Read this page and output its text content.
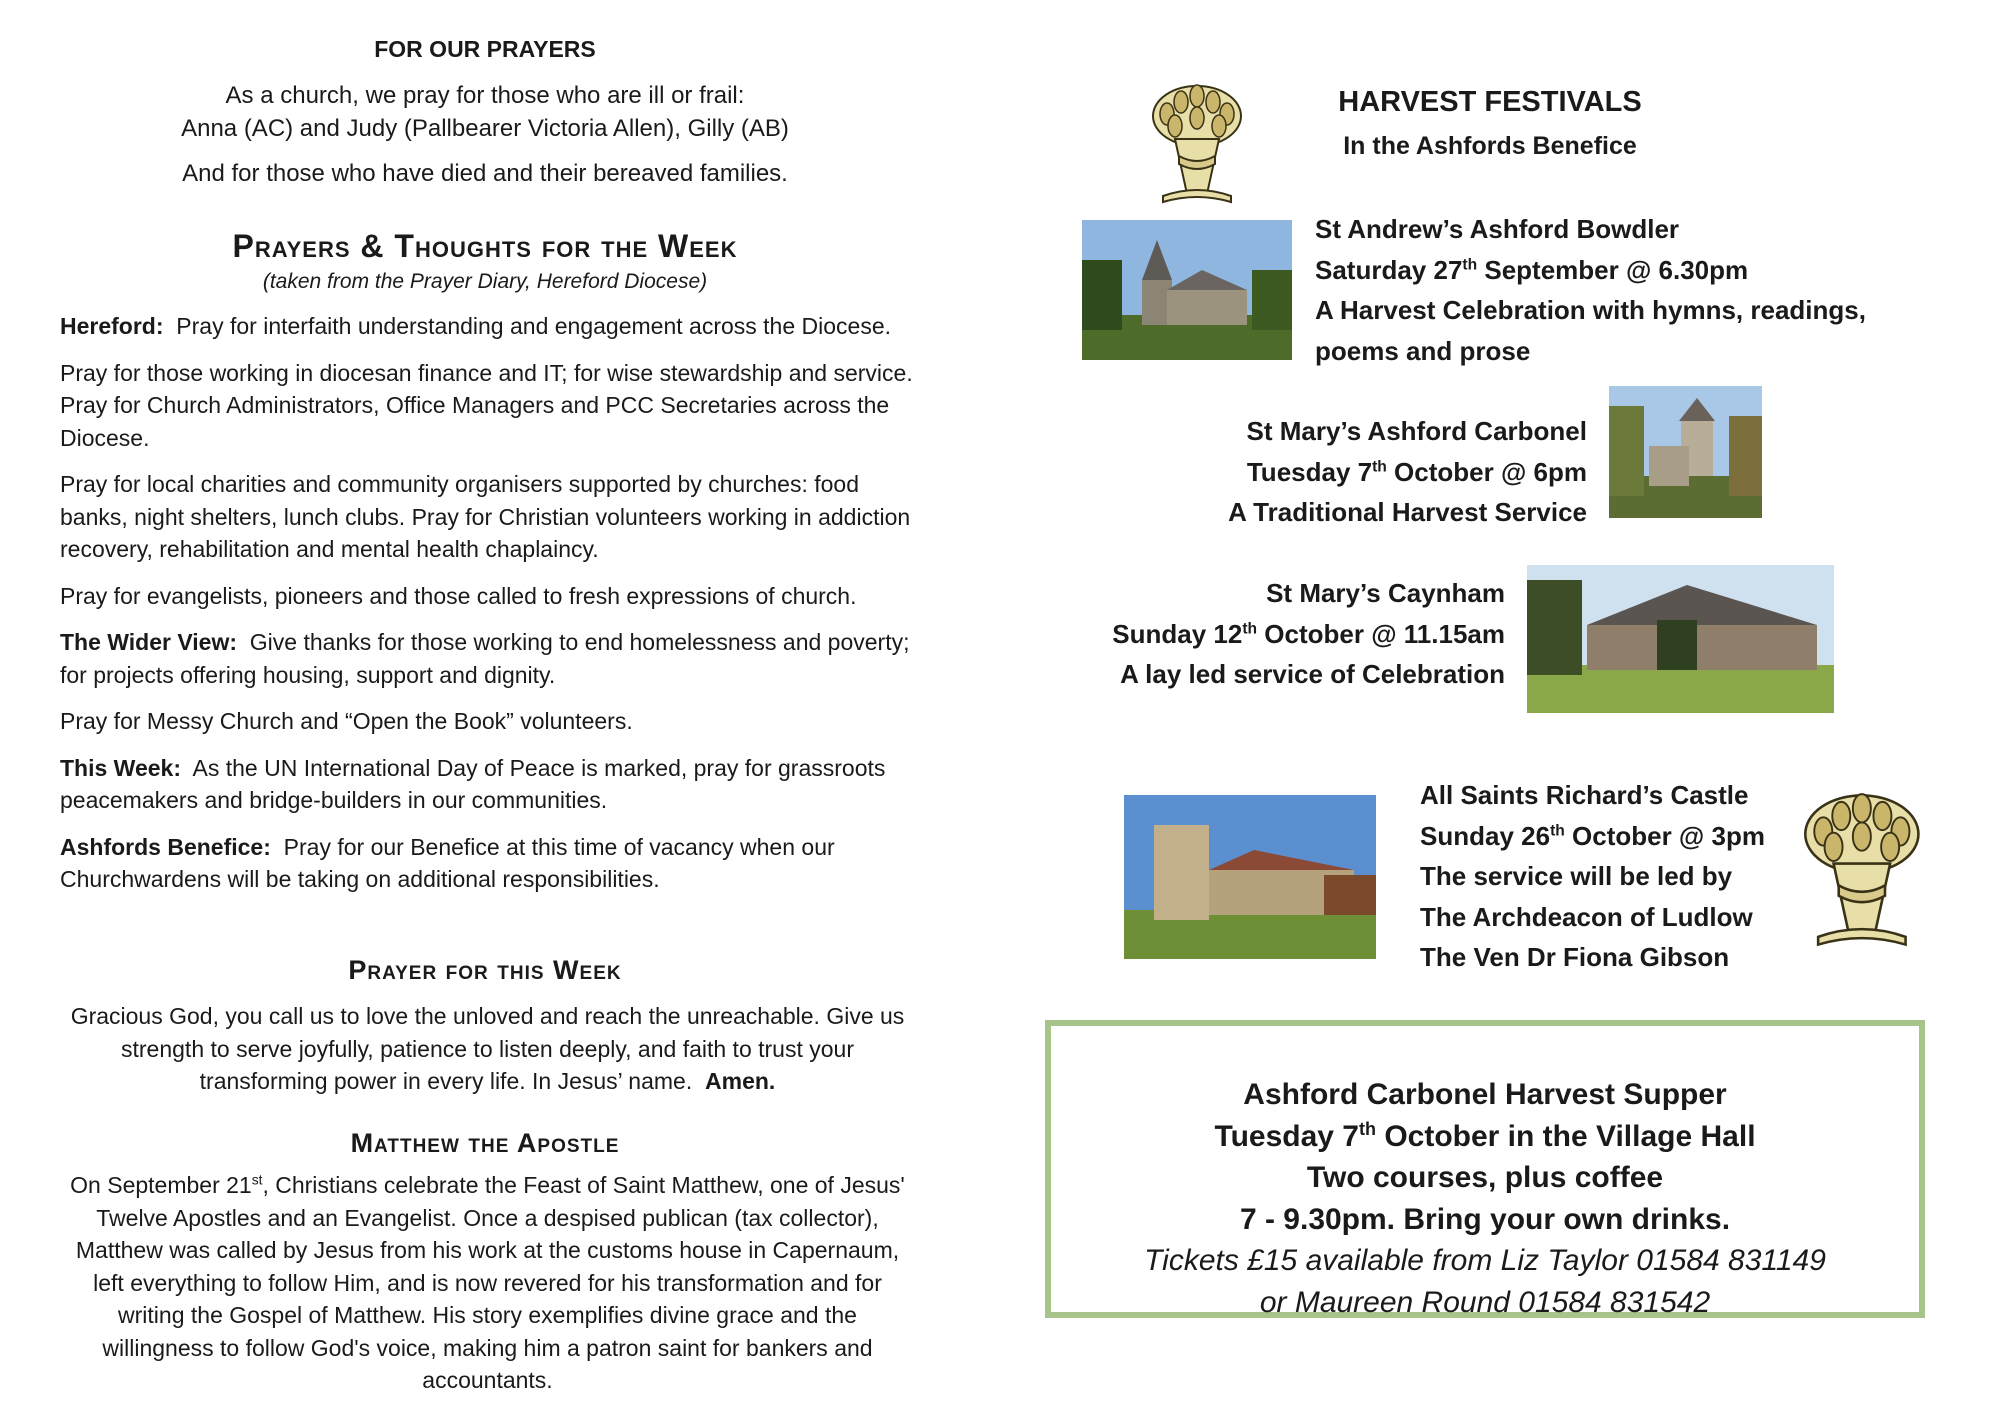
FOR OUR PRAYERS
As a church, we pray for those who are ill or frail:
Anna (AC) and Judy (Pallbearer Victoria Allen), Gilly (AB)
And for those who have died and their bereaved families.
Prayers & Thoughts for the Week
(taken from the Prayer Diary, Hereford Diocese)

Hereford: Pray for interfaith understanding and engagement across the Diocese.

Pray for those working in diocesan finance and IT; for wise stewardship and service. Pray for Church Administrators, Office Managers and PCC Secretaries across the Diocese.

Pray for local charities and community organisers supported by churches: food banks, night shelters, lunch clubs. Pray for Christian volunteers working in addiction recovery, rehabilitation and mental health chaplaincy.

Pray for evangelists, pioneers and those called to fresh expressions of church.

The Wider View: Give thanks for those working to end homelessness and poverty; for projects offering housing, support and dignity.

Pray for Messy Church and “Open the Book” volunteers.

This Week: As the UN International Day of Peace is marked, pray for grassroots peacemakers and bridge-builders in our communities.

Ashfords Benefice: Pray for our Benefice at this time of vacancy when our Churchwardens will be taking on additional responsibilities.

Prayer for this Week
Gracious God, you call us to love the unloved and reach the unreachable. Give us strength to serve joyfully, patience to listen deeply, and faith to trust your transforming power in every life. In Jesus’ name. Amen.
Matthew the Apostle
On September 21st, Christians celebrate the Feast of Saint Matthew, one of Jesus' Twelve Apostles and an Evangelist. Once a despised publican (tax collector), Matthew was called by Jesus from his work at the customs house in Capernaum, left everything to follow Him, and is now revered for his transformation and for writing the Gospel of Matthew. His story exemplifies divine grace and the willingness to follow God's voice, making him a patron saint for bankers and accountants.
HARVEST FESTIVALS
In the Ashfords Benefice
St Andrew’s Ashford Bowdler
Saturday 27th September @ 6.30pm
A Harvest Celebration with hymns, readings,
poems and prose
St Mary’s Ashford Carbonel
Tuesday 7th October @ 6pm
A Traditional Harvest Service
St Mary’s Caynham
Sunday 12th October @ 11.15am
A lay led service of Celebration
All Saints Richard’s Castle
Sunday 26th October @ 3pm
The service will be led by
The Archdeacon of Ludlow
The Ven Dr Fiona Gibson
Ashford Carbonel Harvest Supper
Tuesday 7th October in the Village Hall
Two courses, plus coffee
7 - 9.30pm. Bring your own drinks.
Tickets £15 available from Liz Taylor 01584 831149
or Maureen Round 01584 831542
